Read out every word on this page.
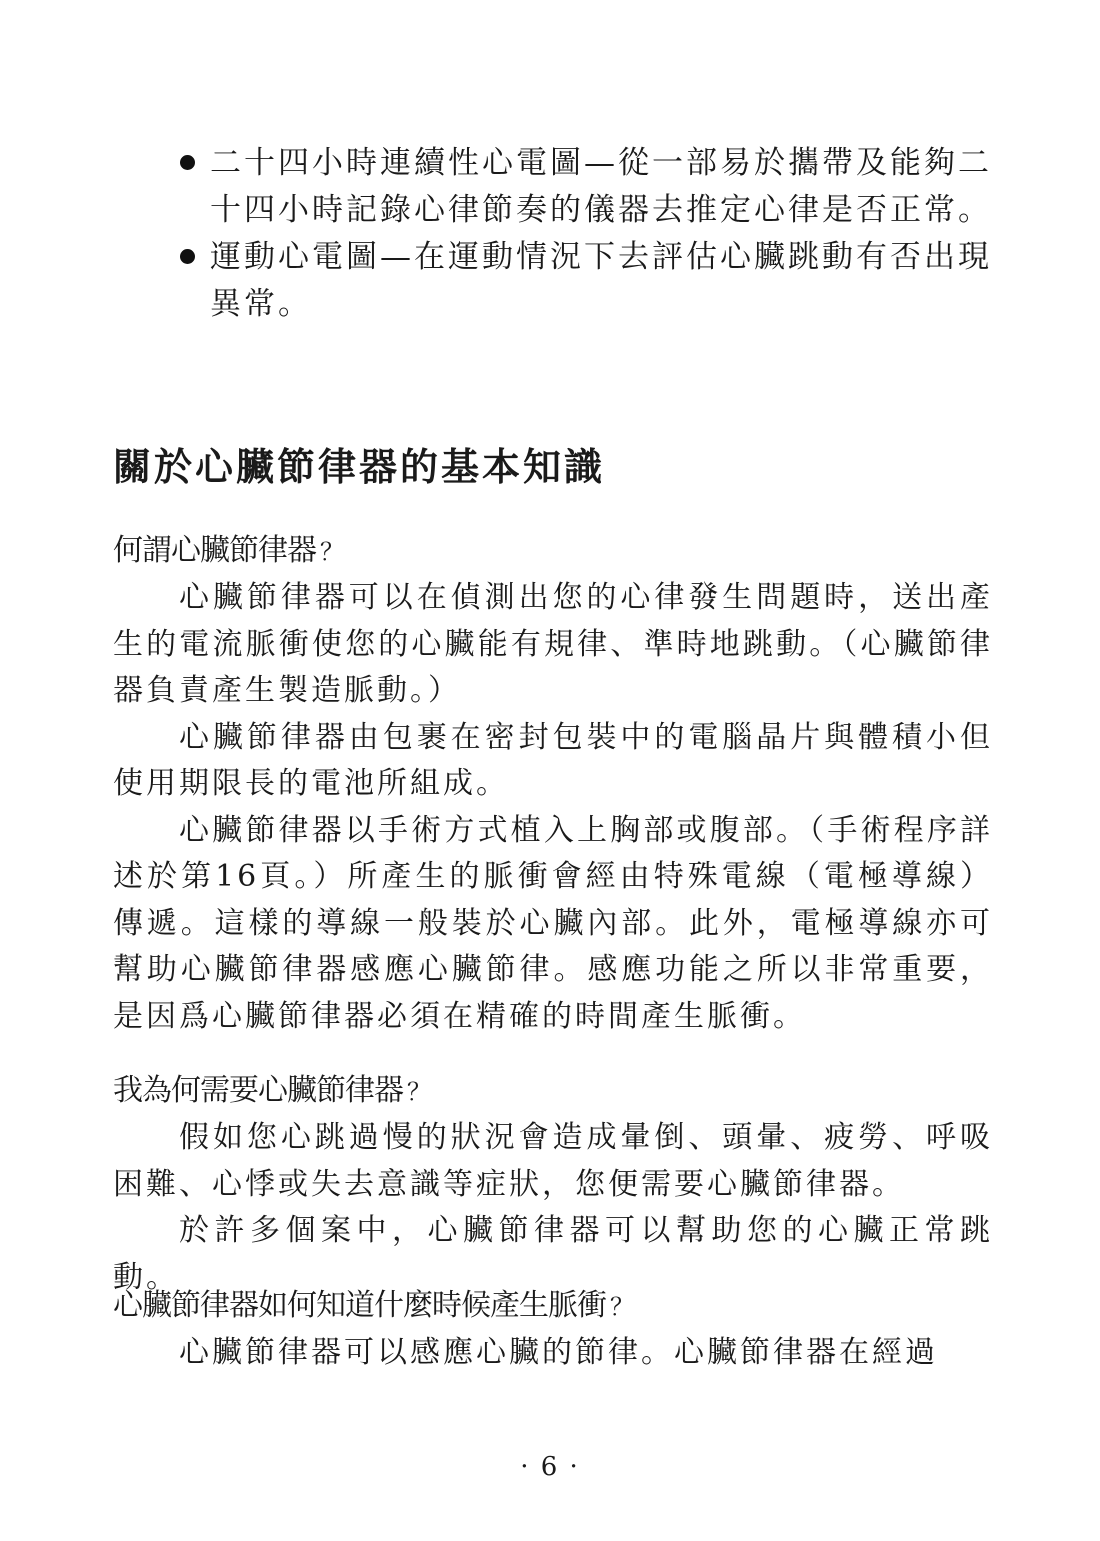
二十四小時連續性心電圖—從一部易於攜帶及能夠二十四小時記錄心律節奏的儀器去推定心律是否正常。
運動心電圖—在運動情況下去評估心臟跳動有否出現異常。
關於心臟節律器的基本知識
何謂心臟節律器 ？

心臟節律器可以在偵測出您的心律發生問題時，送出產生的電流脈衝使您的心臟能有規律、準時地跳動。（心臟節律器負責產生製造脈動。）

心臟節律器由包裹在密封包裝中的電腦晶片與體積小但使用期限長的電池所組成。

心臟節律器以手術方式植入上胸部或腹部。（手術程序詳述於第16頁。）所產生的脈衝會經由特殊電線（電極導線）傳遞。這樣的導線一般裝於心臟內部。此外，電極導線亦可幫助心臟節律器感應心臟節律。感應功能之所以非常重要，是因爲心臟節律器必須在精確的時間產生脈衝。

我為何需要心臟節律器 ？

假如您心跳過慢的狀況會造成暈倒、頭暈、疲勞、呼吸困難、心悸或失去意識等症狀，您便需要心臟節律器。

於許多個案中，心臟節律器可以幫助您的心臟正常跳動。

心臟節律器如何知道什麼時候產生脈衝 ？

心臟節律器可以感應心臟的節律。心臟節律器在經過

· 6 ·
